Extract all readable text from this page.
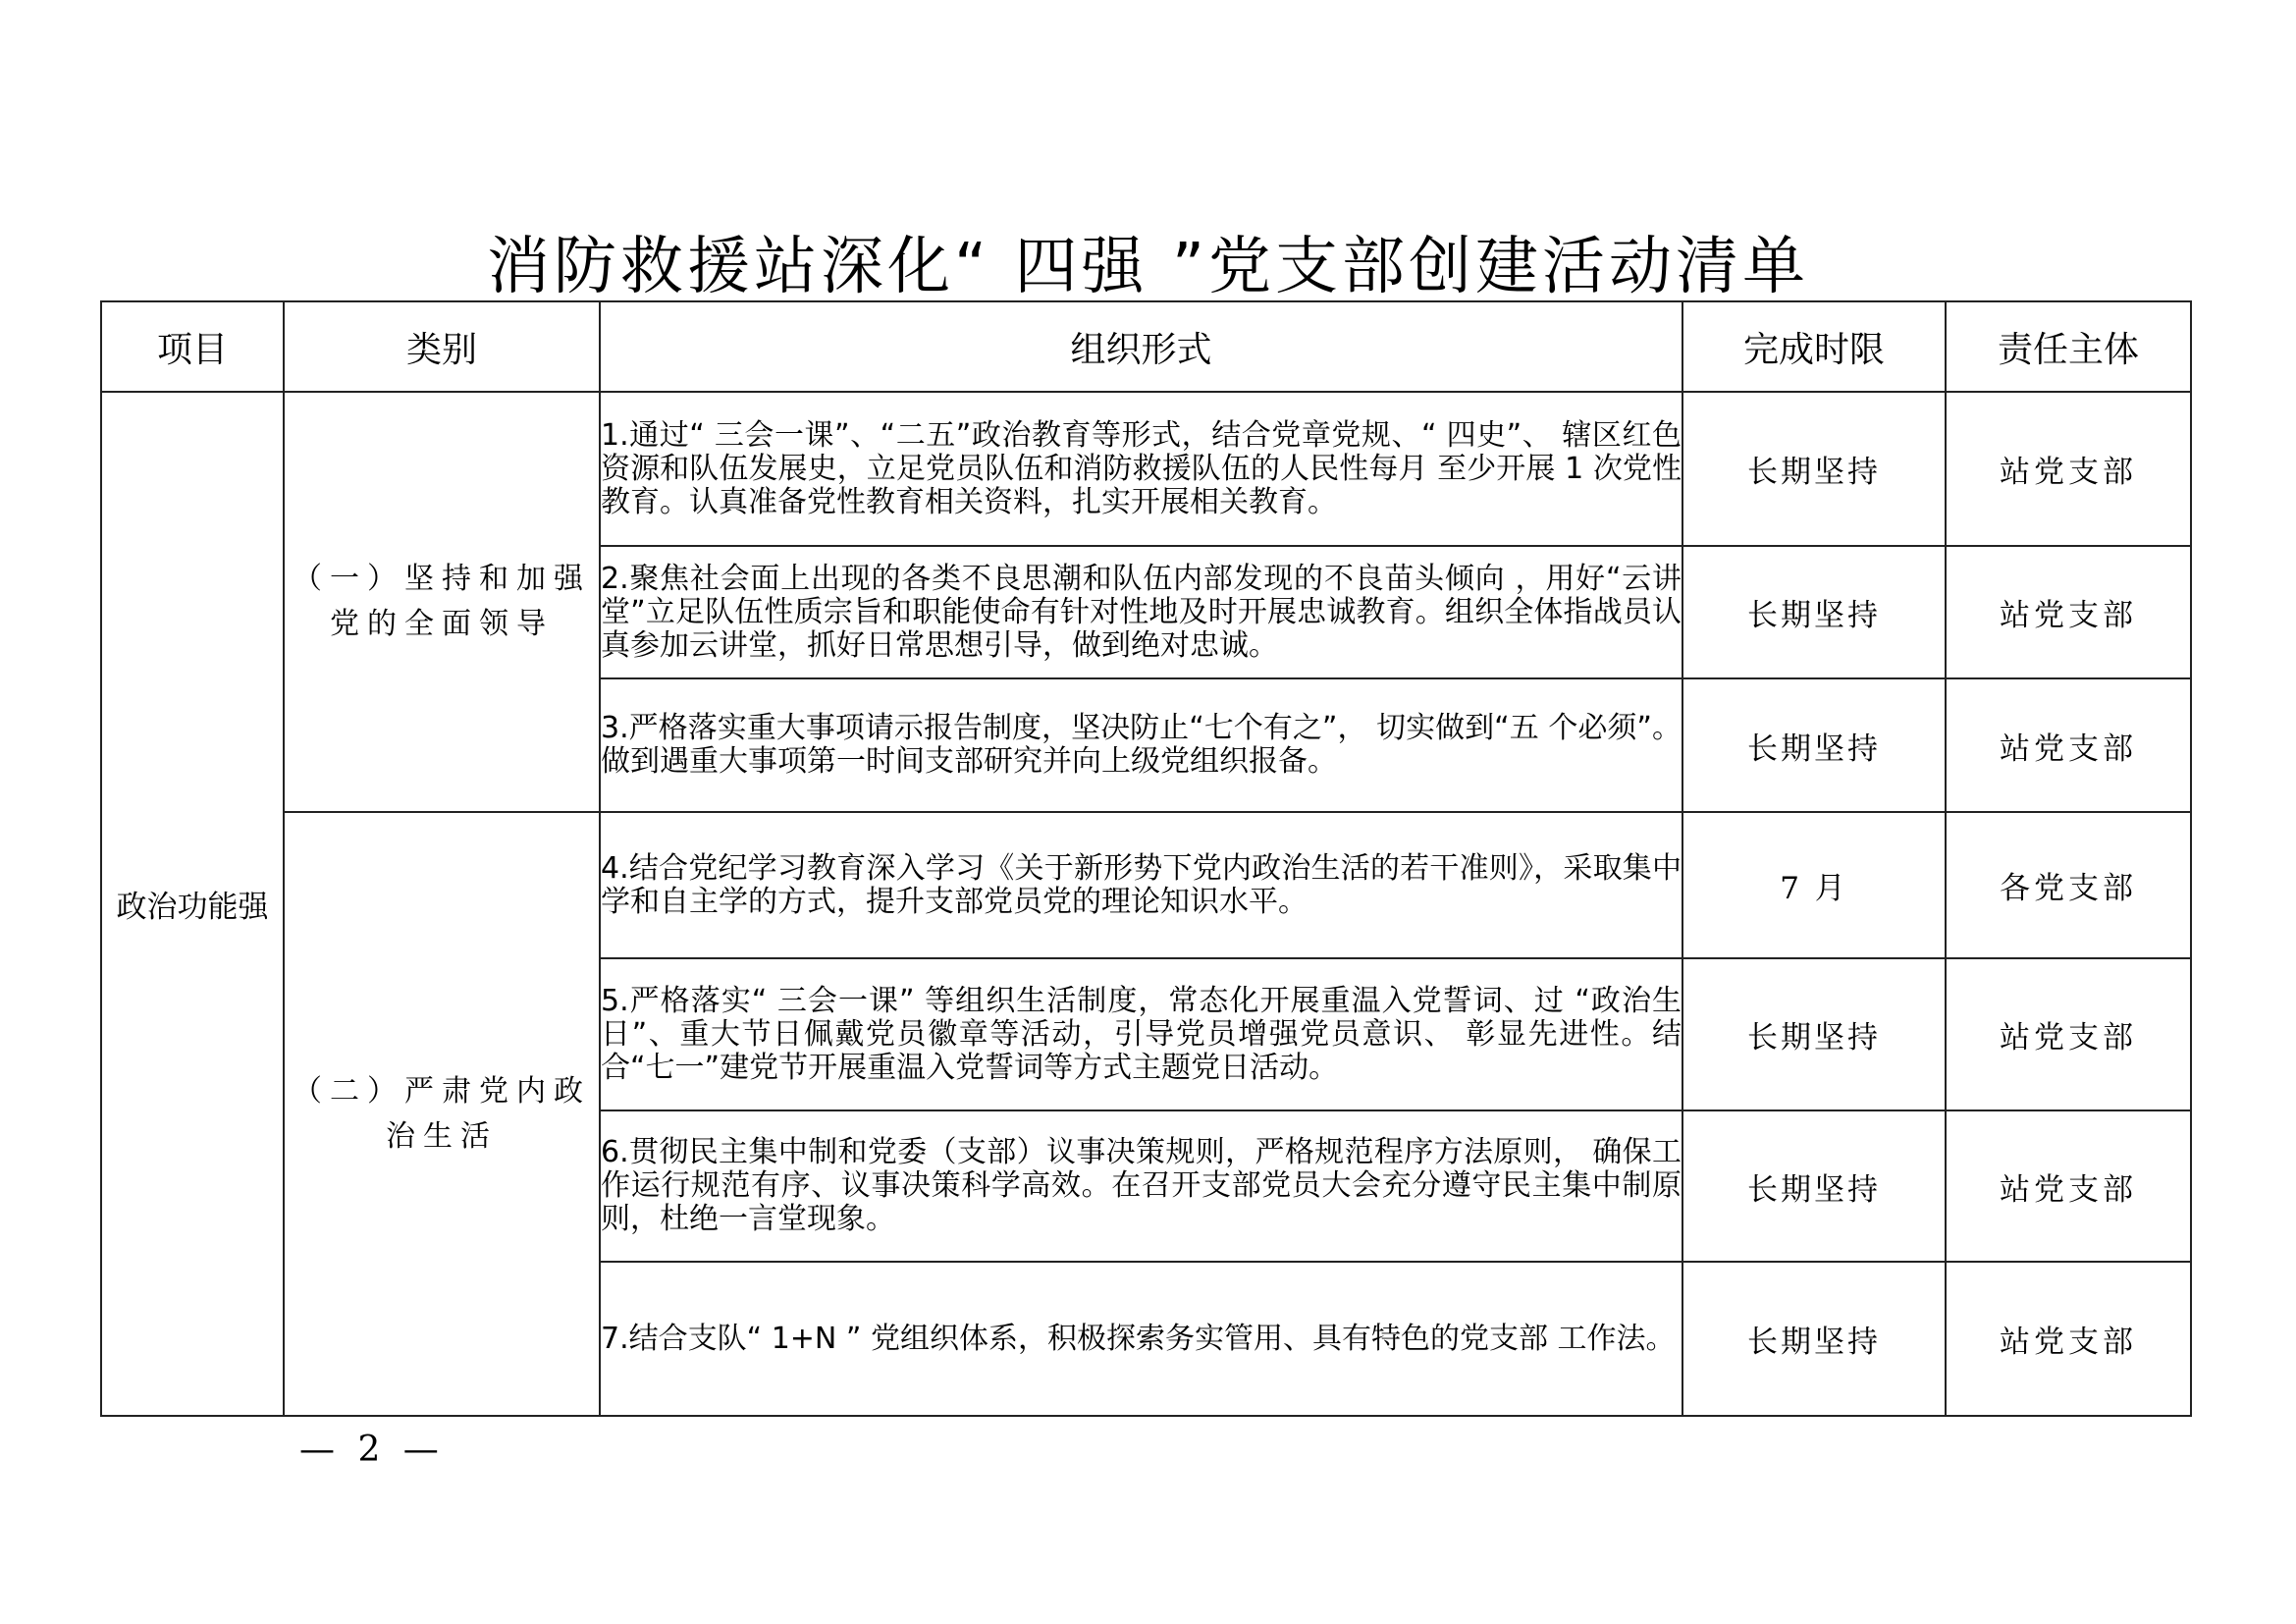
消防救援站深化“ 四强 ”党支部创建活动清单
项目	类别	组织形式	完成时限	责任主体
政治功能强	（一）坚持和加强党的全面领导	1.通过“ 三会一课”、“二五”政治教育等形式，结合党章党规、“ 四史”、 辖区红色资源和队伍发展史，立足党员队伍和消防救援队伍的人民性每月 至少开展 1 次党性教育。认真准备党性教育相关资料，扎实开展相关教育。	长期坚持	站党支部
		2.聚焦社会面上出现的各类不良思潮和队伍内部发现的不良苗头倾向 ，用好“云讲堂”立足队伍性质宗旨和职能使命有针对性地及时开展忠诚教育。组织全体指战员认真参加云讲堂，抓好日常思想引导，做到绝对忠诚。	长期坚持	站党支部
		3.严格落实重大事项请示报告制度，坚决防止“七个有之”， 切实做到“五 个必须”。做到遇重大事项第一时间支部研究并向上级党组织报备。	长期坚持	站党支部
	（二）严肃党内政治生活	4.结合党纪学习教育深入学习《关于新形势下党内政治生活的若干准则》，采取集中学和自主学的方式，提升支部党员党的理论知识水平。	7 月	各党支部
		5.严格落实“ 三会一课” 等组织生活制度，常态化开展重温入党誓词、过 “政治生 日”、重大节日佩戴党员徽章等活动，引导党员增强党员意识、 彰显先进性。结合“七一”建党节开展重温入党誓词等方式主题党日活动。	长期坚持	站党支部
		6.贯彻民主集中制和党委（支部）议事决策规则，严格规范程序方法原则， 确保工作运行规范有序、议事决策科学高效。在召开支部党员大会充分遵守民主集中制原则，杜绝一言堂现象。	长期坚持	站党支部
		7.结合支队“ 1+N ” 党组织体系，积极探索务实管用、具有特色的党支部 工作法。	长期坚持	站党支部
— 2 —
